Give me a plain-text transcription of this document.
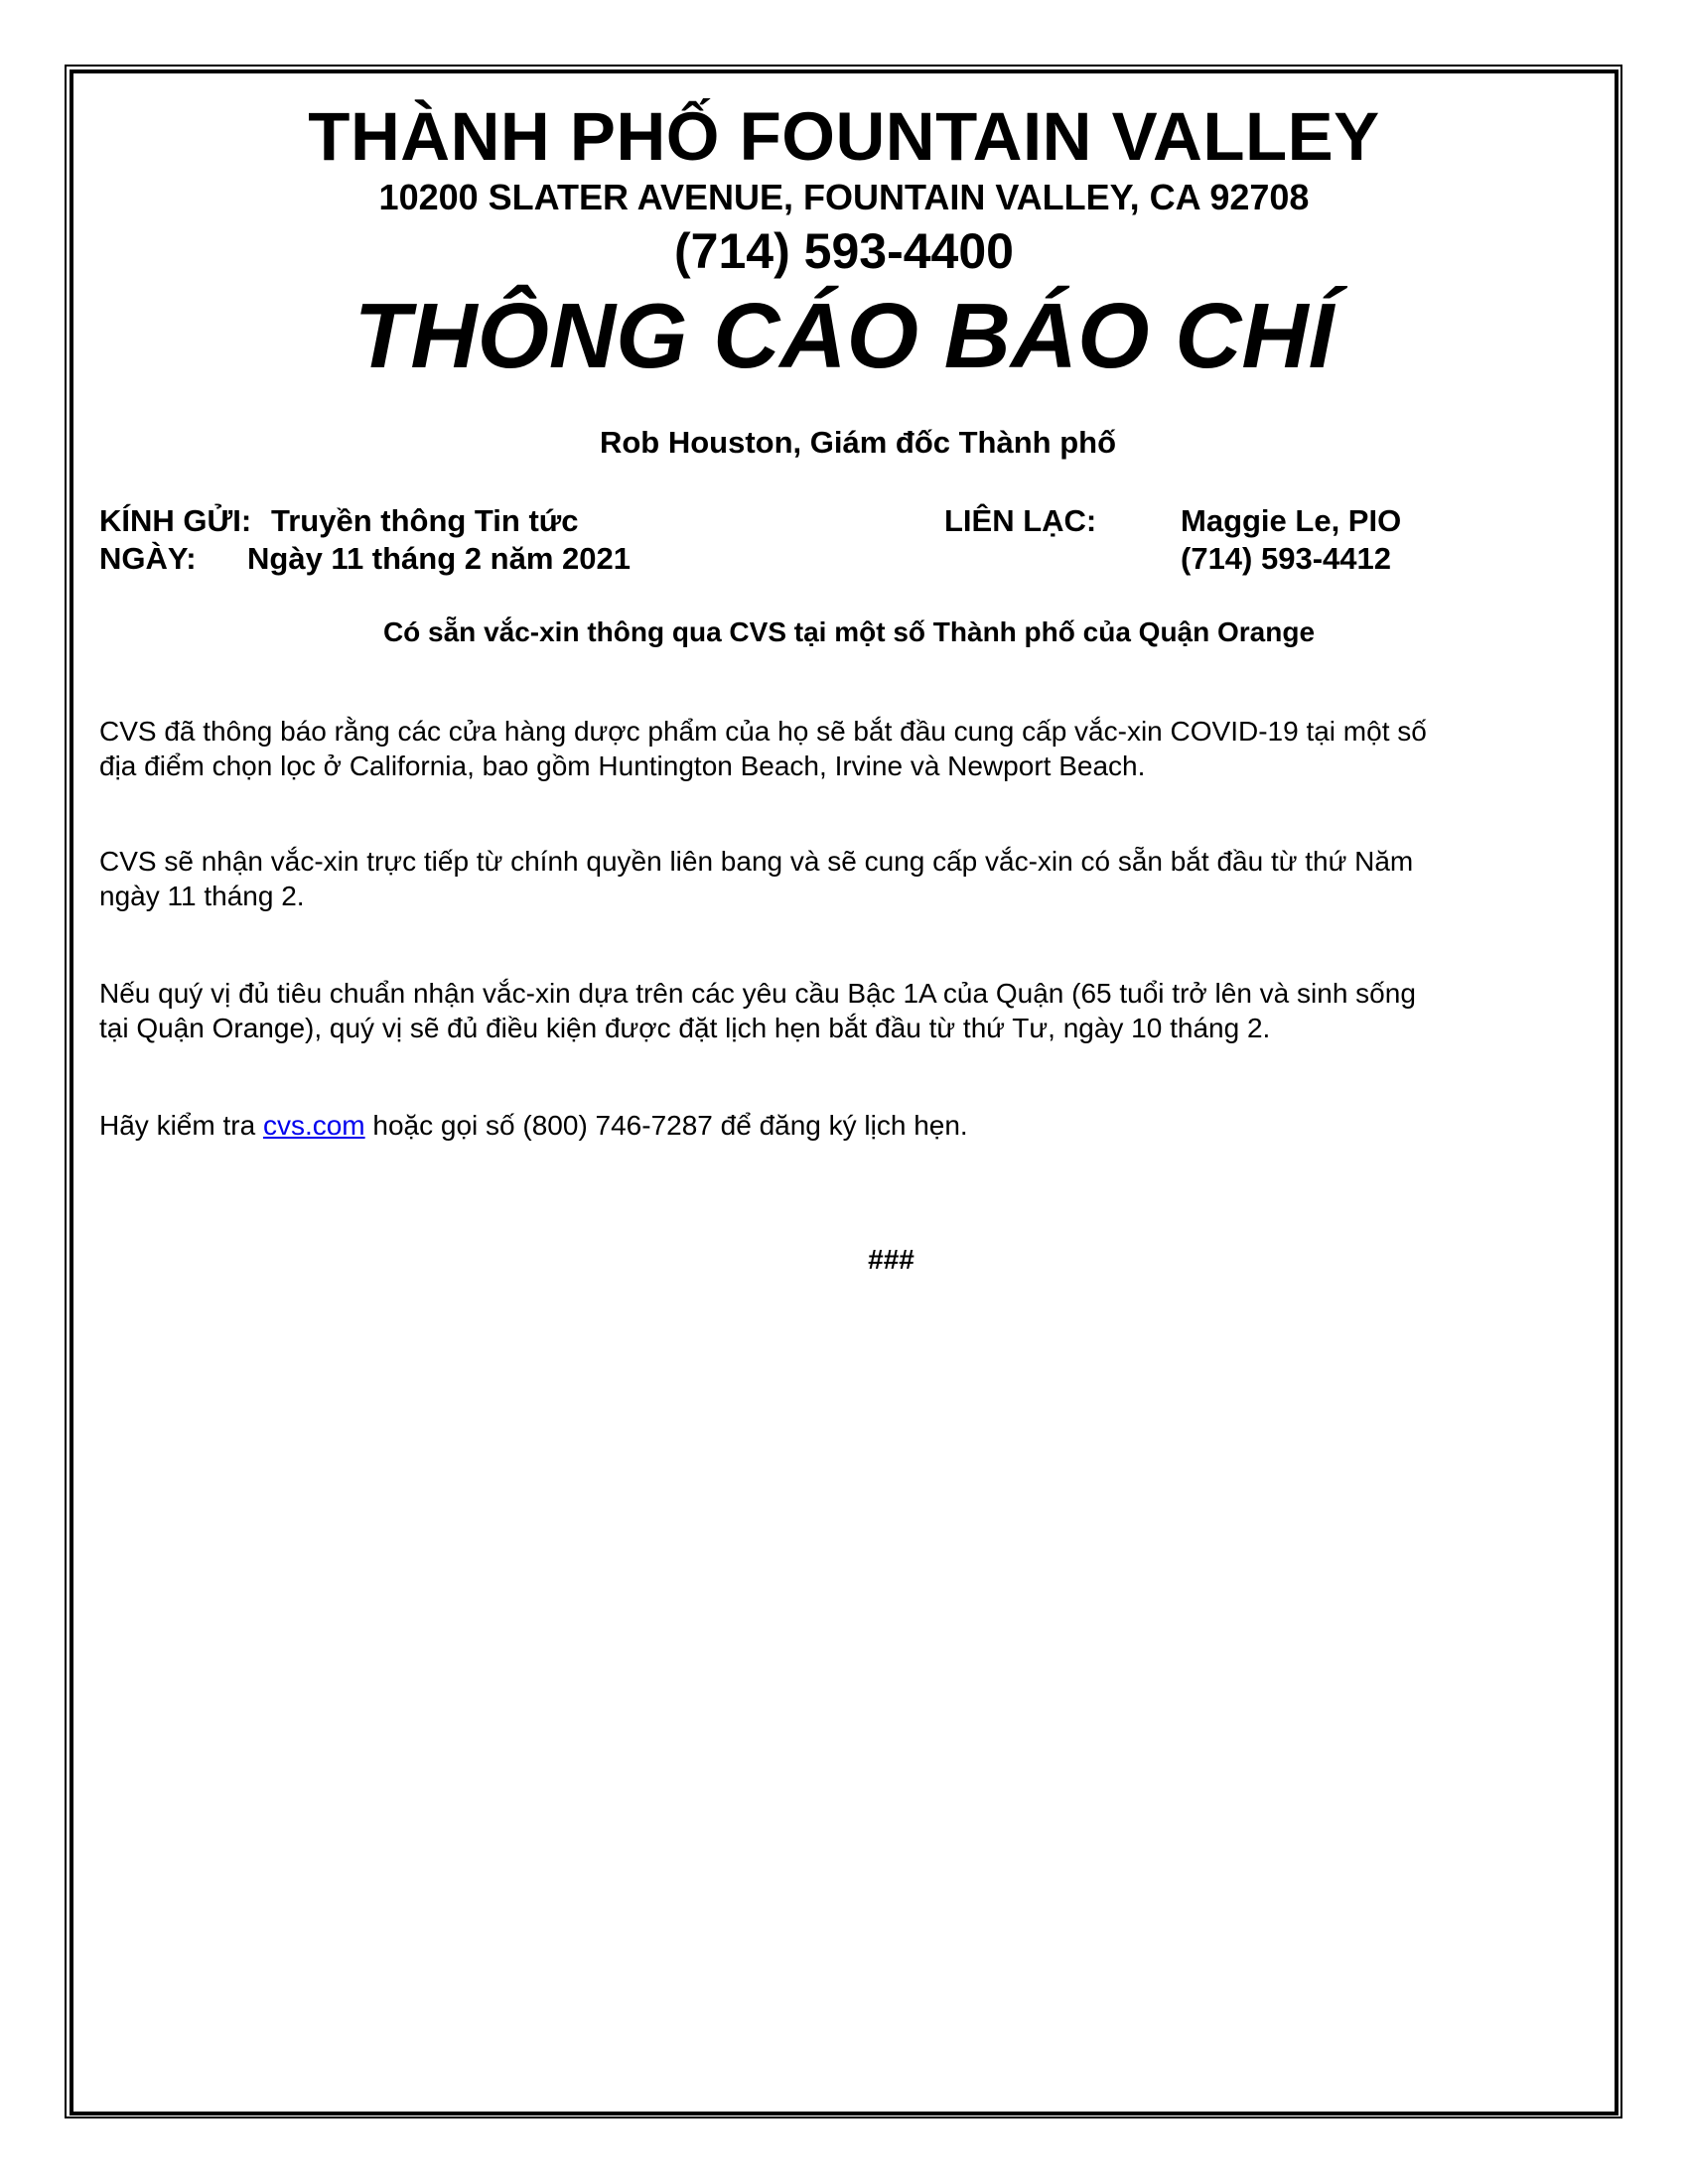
THÀNH PHỐ FOUNTAIN VALLEY
10200 SLATER AVENUE, FOUNTAIN VALLEY, CA 92708
(714) 593-4400
THÔNG CÁO BÁO CHÍ
Rob Houston, Giám đốc Thành phố
KÍNH GỬI: Truyền thông Tin tức
NGÀY: Ngày 11 tháng 2 năm 2021
LIÊN LẠC:	Maggie Le, PIO
(714) 593-4412
Có sẵn vắc-xin thông qua CVS tại một số Thành phố của Quận Orange
CVS đã thông báo rằng các cửa hàng dược phẩm của họ sẽ bắt đầu cung cấp vắc-xin COVID-19 tại một số
địa điểm chọn lọc ở California, bao gồm Huntington Beach, Irvine và Newport Beach.
CVS sẽ nhận vắc-xin trực tiếp từ chính quyền liên bang và sẽ cung cấp vắc-xin có sẵn bắt đầu từ thứ Năm
ngày 11 tháng 2.
Nếu quý vị đủ tiêu chuẩn nhận vắc-xin dựa trên các yêu cầu Bậc 1A của Quận (65 tuổi trở lên và sinh sống
tại Quận Orange), quý vị sẽ đủ điều kiện được đặt lịch hẹn bắt đầu từ thứ Tư, ngày 10 tháng 2.
Hãy kiểm tra cvs.com hoặc gọi số (800) 746-7287 để đăng ký lịch hẹn.
###
